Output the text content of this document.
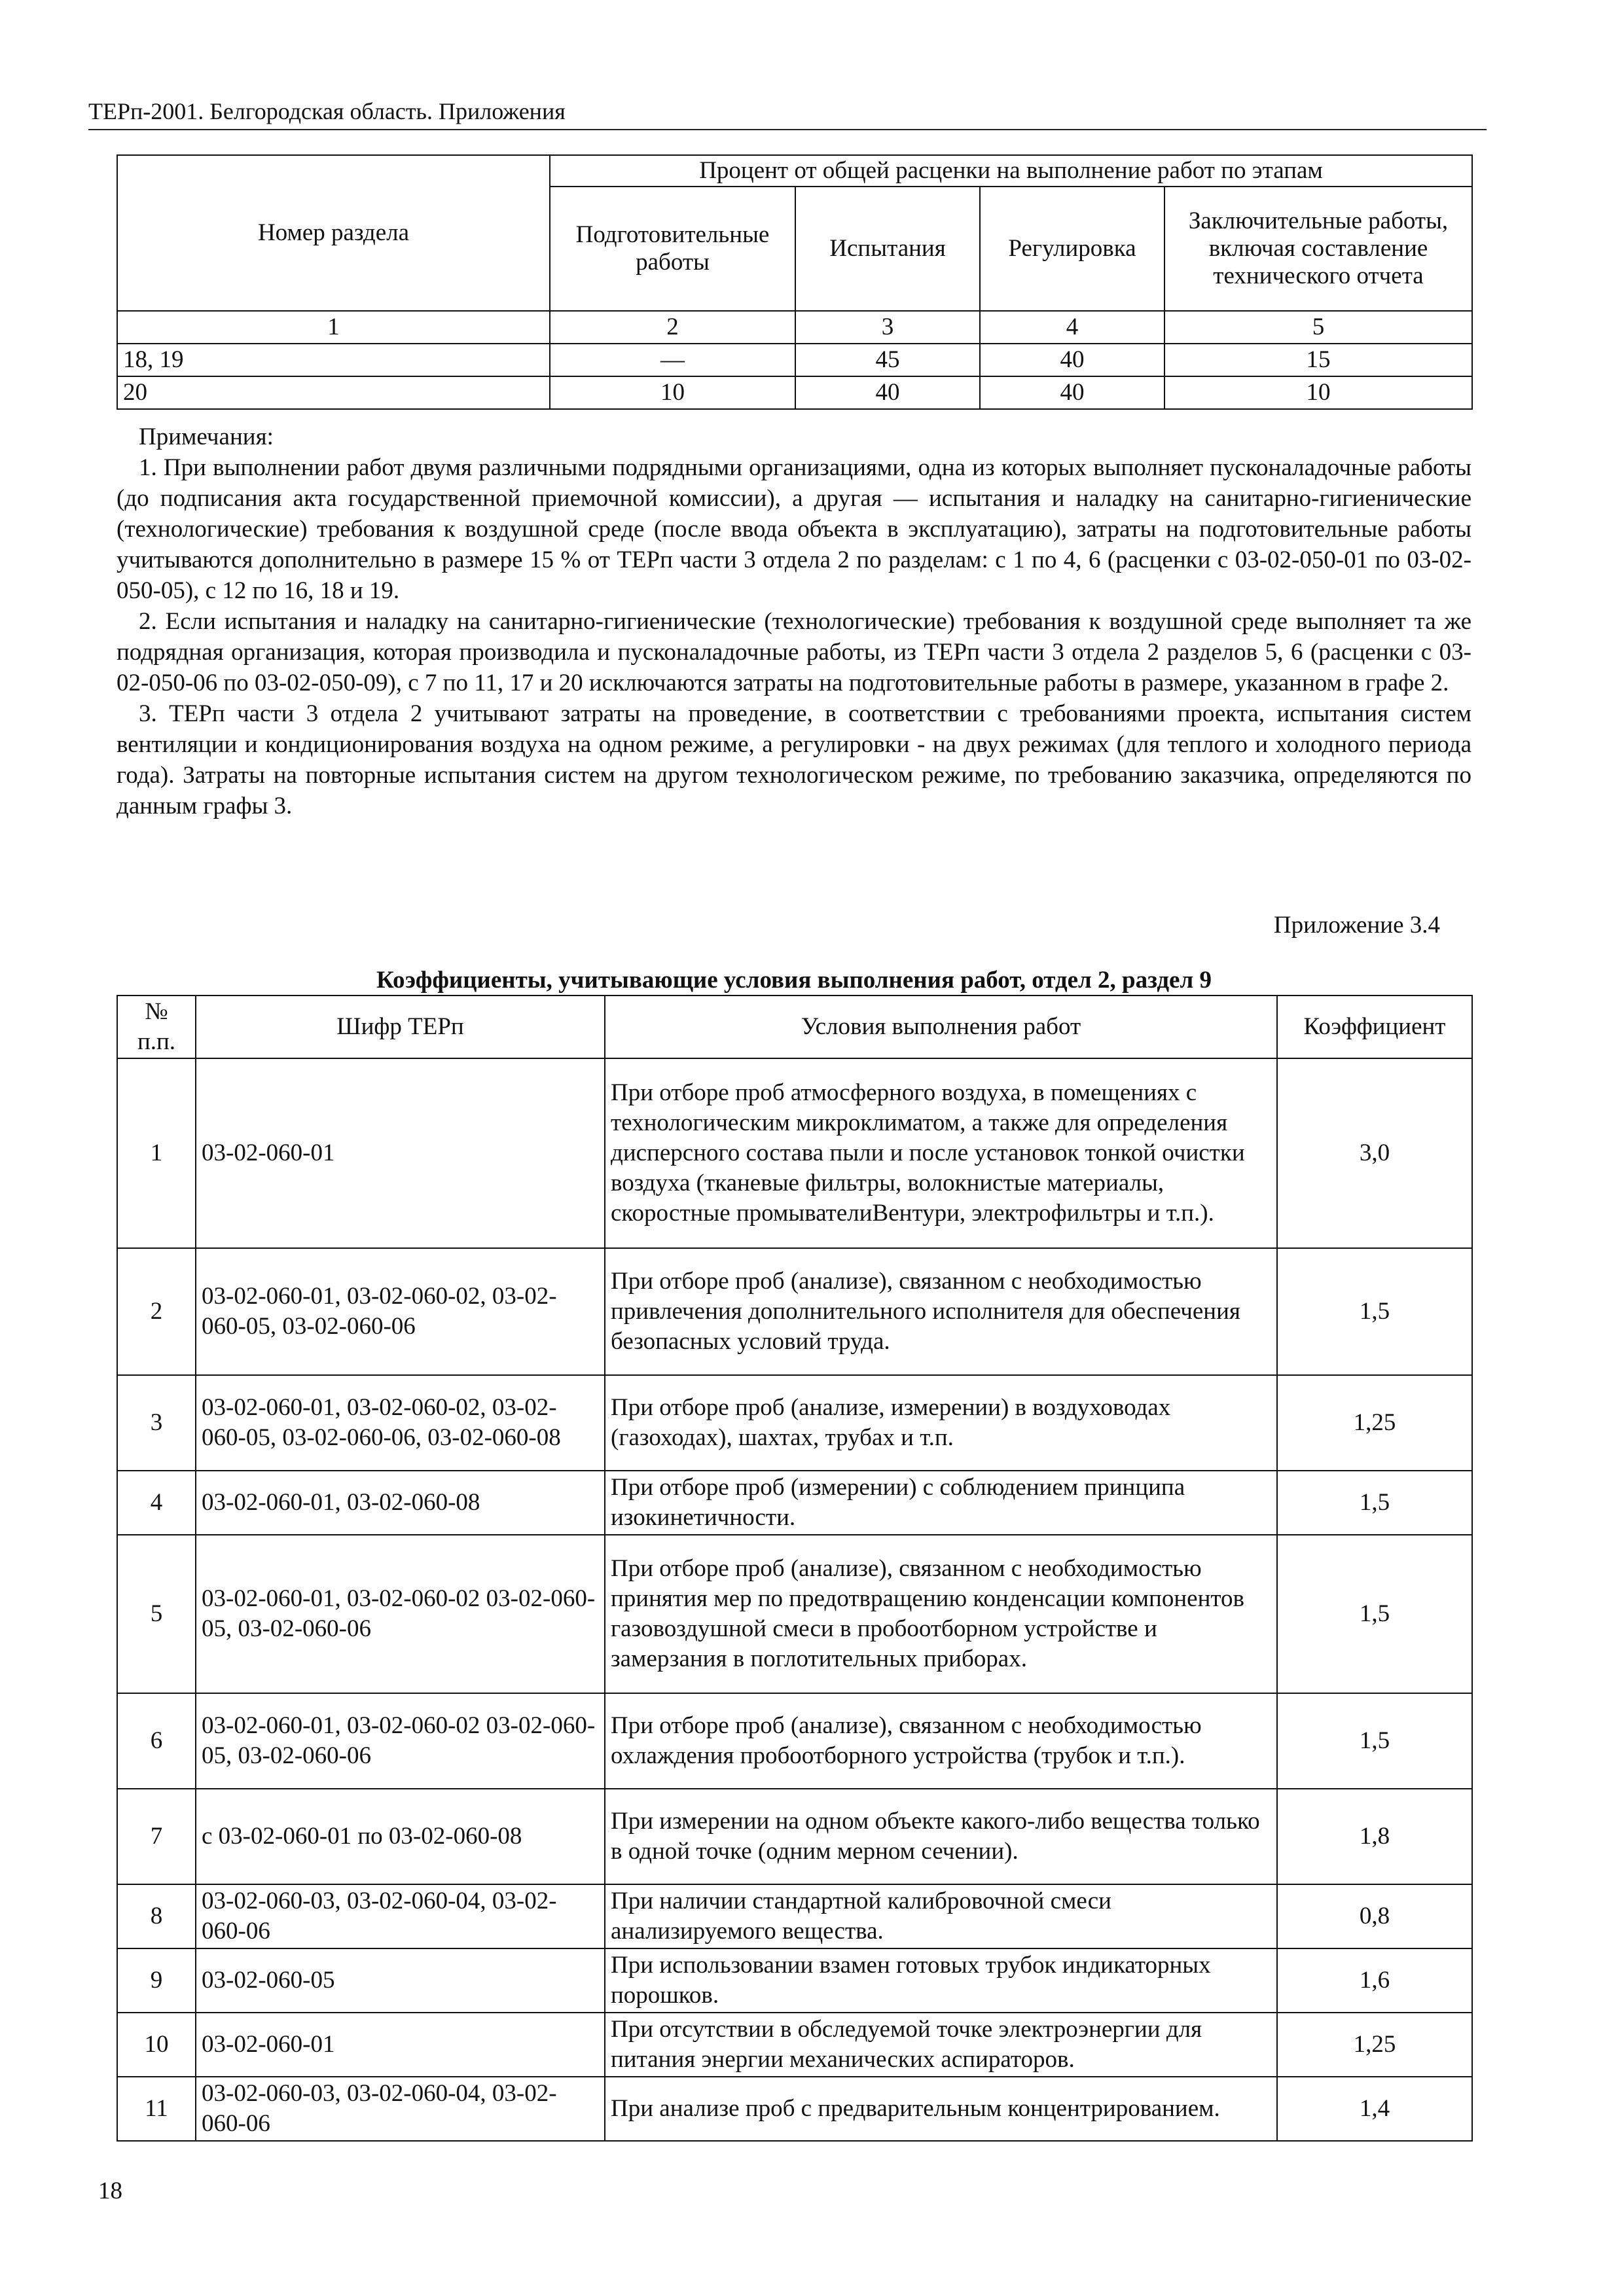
ТЕРп-2001. Белгородская область. Приложения
Номер раздела	Процент от общей расценки на выполнение работ по этапам			
	Подготовительные работы	Испытания	Регулировка	Заключительные работы, включая составление технического отчета
1	2	3	4	5
18, 19	—	45	40	15
20	10	40	40	10

Примечания:

1. При выполнении работ двумя различными подрядными организациями, одна из которых выполняет пусконаладочные работы (до подписания акта государственной приемочной комиссии), а другая — испытания и наладку на санитарно-гигиенические (технологические) требования к воздушной среде (после ввода объекта в эксплуатацию), затраты на подготовительные работы учитываются дополнительно в размере 15 % от ТЕРп части 3 отдела 2 по разделам: с 1 по 4, 6 (расценки с 03-02-050-01 по 03-02-050-05), с 12 по 16, 18 и 19.

2. Если испытания и наладку на санитарно-гигиенические (технологические) требования к воздушной среде выполняет та же подрядная организация, которая производила и пусконаладочные работы, из ТЕРп части 3 отдела 2 разделов 5, 6 (расценки с 03-02-050-06 по 03-02-050-09), с 7 по 11, 17 и 20 исключаются затраты на подготовительные работы в размере, указанном в графе 2.

3. ТЕРп части 3 отдела 2 учитывают затраты на проведение, в соответствии с требованиями проекта, испытания систем вентиляции и кондиционирования воздуха на одном режиме, а регулировки - на двух режимах (для теплого и холодного периода года). Затраты на повторные испытания систем на другом технологическом режиме, по требованию заказчика, определяются по данным графы 3.

Приложение 3.4
Коэффициенты, учитывающие условия выполнения работ, отдел 2, раздел 9
№ п.п.	Шифр ТЕРп	Условия выполнения работ	Коэффициент
1	03-02-060-01	При отборе проб атмосферного воздуха, в помещениях с технологическим микроклиматом, а также для определения дисперсного состава пыли и после установок тонкой очистки воздуха (тканевые фильтры, волокнистые материалы, скоростные промывателиВентури, электрофильтры и т.п.).	3,0
2	03-02-060-01, 03-02-060-02, 03-02-060-05, 03-02-060-06	При отборе проб (анализе), связанном с необходимостью привлечения дополнительного исполнителя для обеспечения безопасных условий труда.	1,5
3	03-02-060-01, 03-02-060-02, 03-02-060-05, 03-02-060-06, 03-02-060-08	При отборе проб (анализе, измерении) в воздуховодах (газоходах), шахтах, трубах и т.п.	1,25
4	03-02-060-01, 03-02-060-08	При отборе проб (измерении) с соблюдением принципа изокинетичности.	1,5
5	03-02-060-01, 03-02-060-02 03-02-060-05, 03-02-060-06	При отборе проб (анализе), связанном с необходимостью принятия мер по предотвращению конденсации компонентов газовоздушной смеси в пробоотборном устройстве и замерзания в поглотительных приборах.	1,5
6	03-02-060-01, 03-02-060-02 03-02-060-05, 03-02-060-06	При отборе проб (анализе), связанном с необходимостью охлаждения пробоотборного устройства (трубок и т.п.).	1,5
7	с 03-02-060-01 по 03-02-060-08	При измерении на одном объекте какого-либо вещества только в одной точке (одним мерном сечении).	1,8
8	03-02-060-03, 03-02-060-04, 03-02-060-06	При наличии стандартной калибровочной смеси анализируемого вещества.	0,8
9	03-02-060-05	При использовании взамен готовых трубок индикаторных порошков.	1,6
10	03-02-060-01	При отсутствии в обследуемой точке электроэнергии для питания энергии механических аспираторов.	1,25
11	03-02-060-03, 03-02-060-04, 03-02-060-06	При анализе проб с предварительным концентрированием.	1,4
18
